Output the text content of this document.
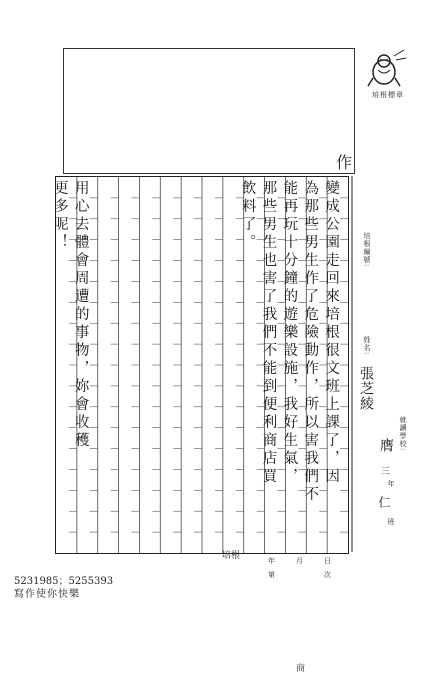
培根標章
作
變成公園走回來培根很文班上課了，因
為那些男生作了危險動作，所以害我們不
能再玩十分鐘的遊樂設施，我好生氣，
那些男生也害了我們不能到便利商店買
飲料了。
用心去體會周遭的事物，妳會收穫
更多呢！
商
培根
培根編號:
姓名:
張芝綾
就讀學校:
膺
三
年
仁
班
年
第
月	日
次
5231985；5255393
寫作使你快樂
